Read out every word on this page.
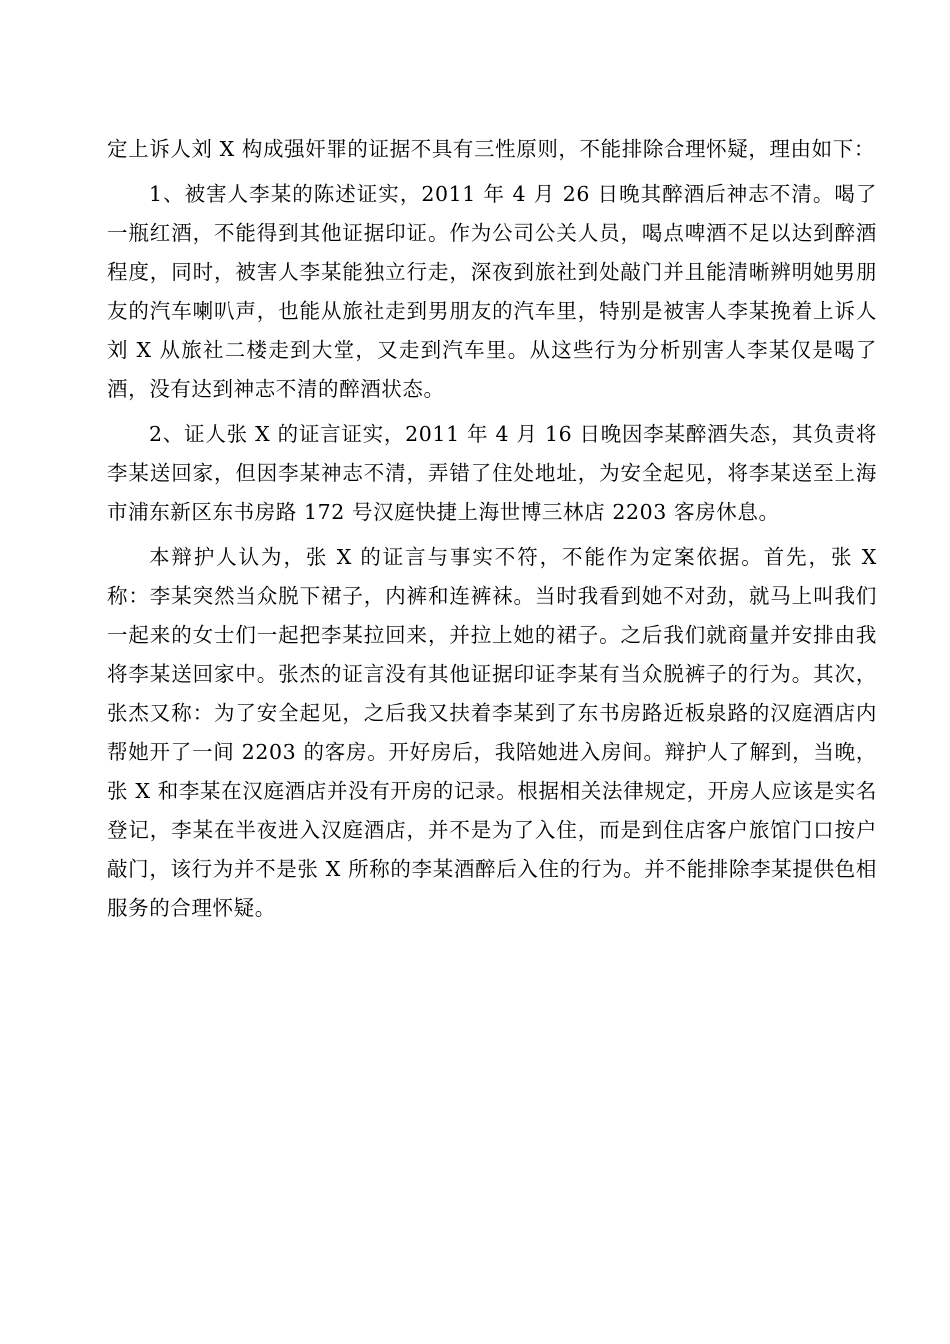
定上诉人刘 X 构成强奸罪的证据不具有三性原则，不能排除合理怀疑，理由如下：

1、被害人李某的陈述证实，2011 年 4 月 26 日晚其醉酒后神志不清。喝了一瓶红酒，不能得到其他证据印证。作为公司公关人员，喝点啤酒不足以达到醉酒程度，同时，被害人李某能独立行走，深夜到旅社到处敲门并且能清晰辨明她男朋友的汽车喇叭声，也能从旅社走到男朋友的汽车里，特别是被害人李某挽着上诉人刘 X 从旅社二楼走到大堂，又走到汽车里。从这些行为分析别害人李某仅是喝了酒，没有达到神志不清的醉酒状态。

2、证人张 X 的证言证实，2011 年 4 月 16 日晚因李某醉酒失态，其负责将李某送回家，但因李某神志不清，弄错了住处地址，为安全起见，将李某送至上海市浦东新区东书房路 172 号汉庭快捷上海世博三林店 2203 客房休息。

本辩护人认为，张 X 的证言与事实不符，不能作为定案依据。首先，张 X 称：李某突然当众脱下裙子，内裤和连裤袜。当时我看到她不对劲，就马上叫我们一起来的女士们一起把李某拉回来，并拉上她的裙子。之后我们就商量并安排由我将李某送回家中。张杰的证言没有其他证据印证李某有当众脱裤子的行为。其次，张杰又称：为了安全起见，之后我又扶着李某到了东书房路近板泉路的汉庭酒店内帮她开了一间 2203 的客房。开好房后，我陪她进入房间。辩护人了解到，当晚，张 X 和李某在汉庭酒店并没有开房的记录。根据相关法律规定，开房人应该是实名登记，李某在半夜进入汉庭酒店，并不是为了入住，而是到住店客户旅馆门口按户敲门，该行为并不是张 X 所称的李某酒醉后入住的行为。并不能排除李某提供色相服务的合理怀疑。
